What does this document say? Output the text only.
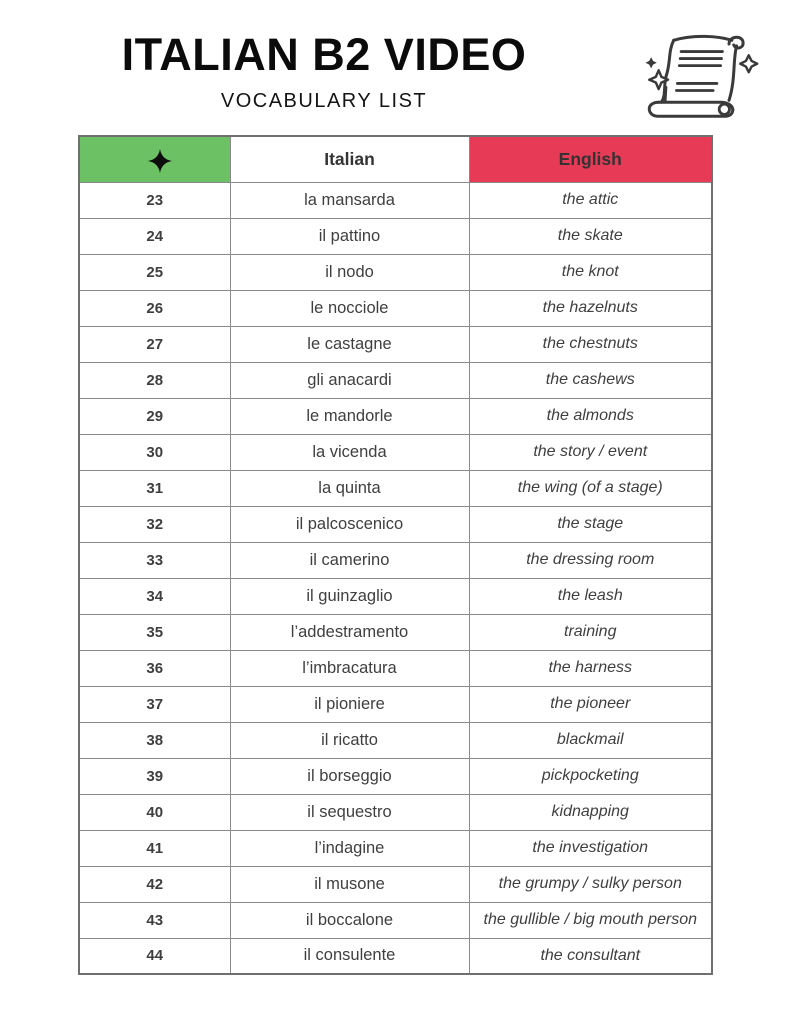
ITALIAN B2 VIDEO
VOCABULARY LIST
	Italian	English
23	la mansarda	the attic
24	il pattino	the skate
25	il nodo	the knot
26	le nocciole	the hazelnuts
27	le castagne	the chestnuts
28	gli anacardi	the cashews
29	le mandorle	the almonds
30	la vicenda	the story / event
31	la quinta	the wing (of a stage)
32	il palcoscenico	the stage
33	il camerino	the dressing room
34	il guinzaglio	the leash
35	l’addestramento	training
36	l’imbracatura	the harness
37	il pioniere	the pioneer
38	il ricatto	blackmail
39	il borseggio	pickpocketing
40	il sequestro	kidnapping
41	l’indagine	the investigation
42	il musone	the grumpy / sulky person
43	il boccalone	the gullible / big mouth person
44	il consulente	the consultant
